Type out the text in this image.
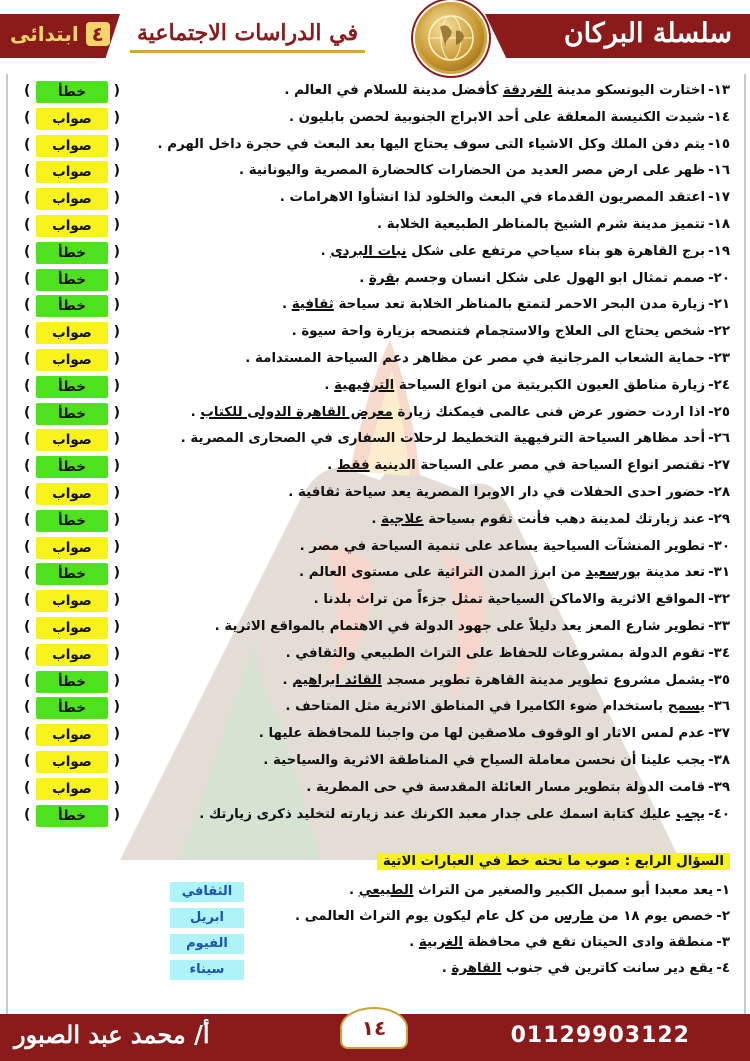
سلسلة البركان
٤ ابتدائى	في الدراسات الاجتماعية
١٣-اختارت اليونسكو مدينة الغردقة كأفضل مدينة للسلام في العالم .
(	خطأ	)
١٤-شيدت الكنيسة المعلقة على أحد الابراج الجنوبية لحصن بابليون .
(	صواب	)
١٥-يتم دفن الملك وكل الاشياء التى سوف يحتاج اليها بعد البعث في حجرة داخل الهرم .
(	صواب	)
١٦-ظهر على ارض مصر العديد من الحضارات كالحضارة المصرية واليونانية .
(	صواب	)
١٧-اعتقد المصريون القدماء في البعث والخلود لذا انشأوا الاهرامات .
(	صواب	)
١٨-تتميز مدينة شرم الشيخ بالمناظر الطبيعية الخلابة .
(	صواب	)
١٩-برج القاهرة هو بناء سياحي مرتفع على شكل نبات البردى .
(	خطأ	)
٢٠-صمم تمثال ابو الهول على شكل انسان وجسم بقرة .
(	خطأ	)
٢١-زيارة مدن البحر الاحمر لتمتع بالمناظر الخلابة تعد سياحة ثقافية .
(	خطأ	)
٢٢-شخص يحتاج الى العلاج والاستجمام فتنصحه بزيارة واحة سيوة .
(	صواب	)
٢٣-حماية الشعاب المرجانية في مصر عن مظاهر دعم السياحة المستدامة .
(	صواب	)
٢٤-زيارة مناطق العيون الكبريتية من انواع السياحة الترفيهية .
(	خطأ	)
٢٥-اذا اردت حضور عرض فنى عالمى فيمكنك زيارة معرض القاهرة الدولى للكتاب .
(	خطأ	)
٢٦-أحد مظاهر السياحة الترفيهية التخطيط لرحلات السفارى في الصحارى المصرية .
(	صواب	)
٢٧-تقتصر انواع السياحة في مصر على السياحة الدينية فقط .
(	خطأ	)
٢٨-حضور احدى الحفلات في دار الاوبرا المصرية يعد سياحة ثقافية .
(	صواب	)
٢٩-عند زيارتك لمدينة دهب فأنت تقوم بسياحة علاجية .
(	خطأ	)
٣٠-تطوير المنشآت السياحية يساعد على تنمية السياحة في مصر .
(	صواب	)
٣١-تعد مدينة بورسعيد من ابرز المدن التراثية على مستوى العالم .
(	خطأ	)
٣٢-المواقع الاثرية والاماكن السياحية تمثل جزءاً من تراث بلدنا .
(	صواب	)
٣٣-تطوير شارع المعز يعد دليلاً على جهود الدولة في الاهتمام بالمواقع الاثرية .
(	صواب	)
٣٤-تقوم الدولة بمشروعات للحفاظ على التراث الطبيعي والثقافي .
(	صواب	)
٣٥-يشمل مشروع تطوير مدينة القاهرة تطوير مسجد القائد ابراهيم .
(	خطأ	)
٣٦-يسمح باستخدام ضوء الكاميرا في المناطق الاثرية مثل المتاحف .
(	خطأ	)
٣٧-عدم لمس الاثار او الوقوف ملاصقين لها من واجبنا للمحافظة عليها .
(	صواب	)
٣٨-يجب علينا أن نحسن معاملة السياح في المناطقة الاثرية والسياحية .
(	صواب	)
٣٩-قامت الدولة بتطوير مسار العائلة المقدسة في حى المطرية .
(	صواب	)
٤٠-يجب عليك كتابة اسمك على جدار معبد الكرنك عند زيارته لتخليد ذكرى زيارتك .
(	خطأ	)
السؤال الرابع : صوب ما تحته خط في العبارات الاتية
١-يعد معبدا أبو سمبل الكبير والصغير من التراث الطبيعي .
الثقافي
٢-خصص يوم ١٨ من مارس من كل عام ليكون يوم التراث العالمى .
ابريل
٣-منطقة وادى الحيتان تقع في محافظة الغربية .
الفيوم
٤-يقع دير سانت كاترين في جنوب القاهرة .
سيناء
أ/ محمد عبد الصبور	01129903122
١٤
